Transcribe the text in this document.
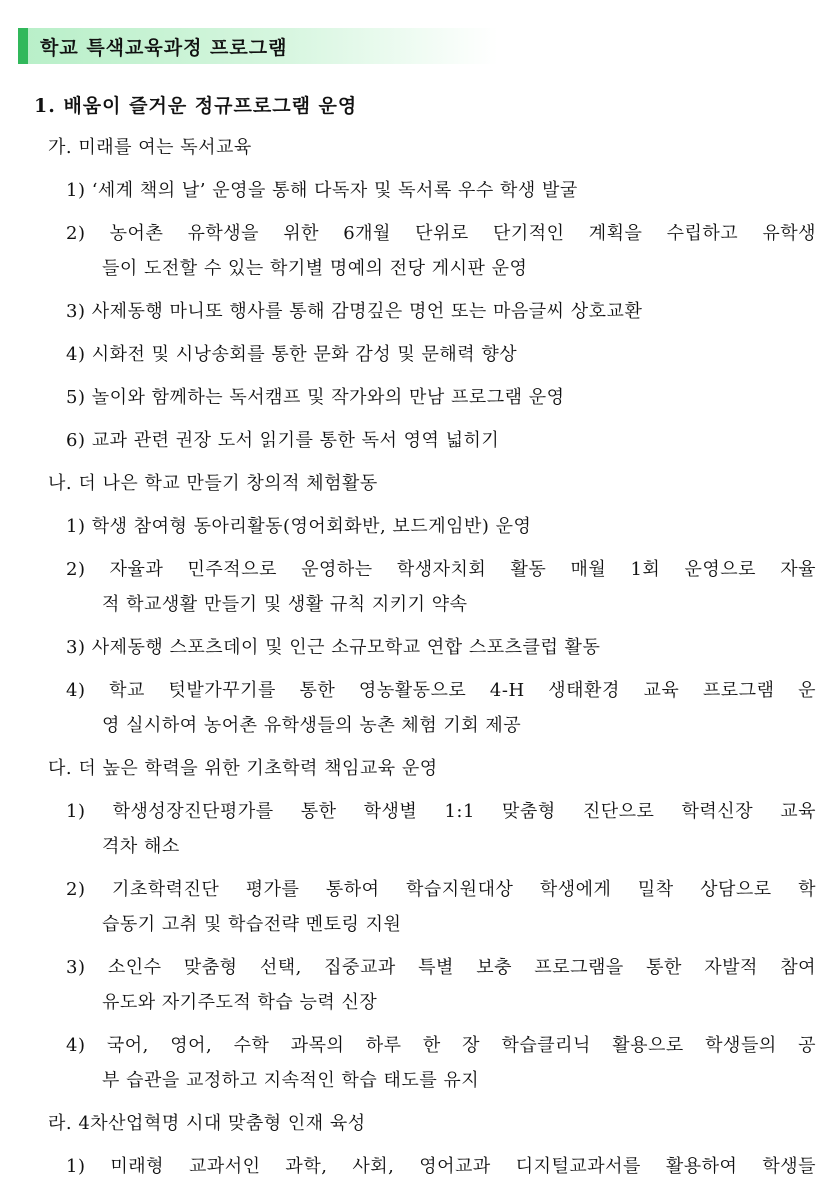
학교 특색교육과정 프로그램
1. 배움이 즐거운 정규프로그램 운영
가. 미래를 여는 독서교육
1) ‘세계 책의 날’ 운영을 통해 다독자 및 독서록 우수 학생 발굴
2) 농어촌 유학생을 위한 6개월 단위로 단기적인 계획을 수립하고 유학생
들이 도전할 수 있는 학기별 명예의 전당 게시판 운영
3) 사제동행 마니또 행사를 통해 감명깊은 명언 또는 마음글씨 상호교환
4) 시화전 및 시낭송회를 통한 문화 감성 및 문해력 향상
5) 놀이와 함께하는 독서캠프 및 작가와의 만남 프로그램 운영
6) 교과 관련 권장 도서 읽기를 통한 독서 영역 넓히기
나. 더 나은 학교 만들기 창의적 체험활동
1) 학생 참여형 동아리활동(영어회화반, 보드게임반) 운영
2) 자율과 민주적으로 운영하는 학생자치회 활동 매월 1회 운영으로 자율
적 학교생활 만들기 및 생활 규칙 지키기 약속
3) 사제동행 스포츠데이 및 인근 소규모학교 연합 스포츠클럽 활동
4) 학교 텃밭가꾸기를 통한 영농활동으로 4-H 생태환경 교육 프로그램 운
영 실시하여 농어촌 유학생들의 농촌 체험 기회 제공
다. 더 높은 학력을 위한 기초학력 책임교육 운영
1) 학생성장진단평가를 통한 학생별 1:1 맞춤형 진단으로 학력신장 교육
격차 해소
2) 기초학력진단 평가를 통하여 학습지원대상 학생에게 밀착 상담으로 학
습동기 고취 및 학습전략 멘토링 지원
3) 소인수 맞춤형 선택, 집중교과 특별 보충 프로그램을 통한 자발적 참여
유도와 자기주도적 학습 능력 신장
4) 국어, 영어, 수학 과목의 하루 한 장 학습클리닉 활용으로 학생들의 공
부 습관을 교정하고 지속적인 학습 태도를 유지
라. 4차산업혁명 시대 맞춤형 인재 육성
1) 미래형 교과서인 과학, 사회, 영어교과 디지털교과서를 활용하여 학생들
